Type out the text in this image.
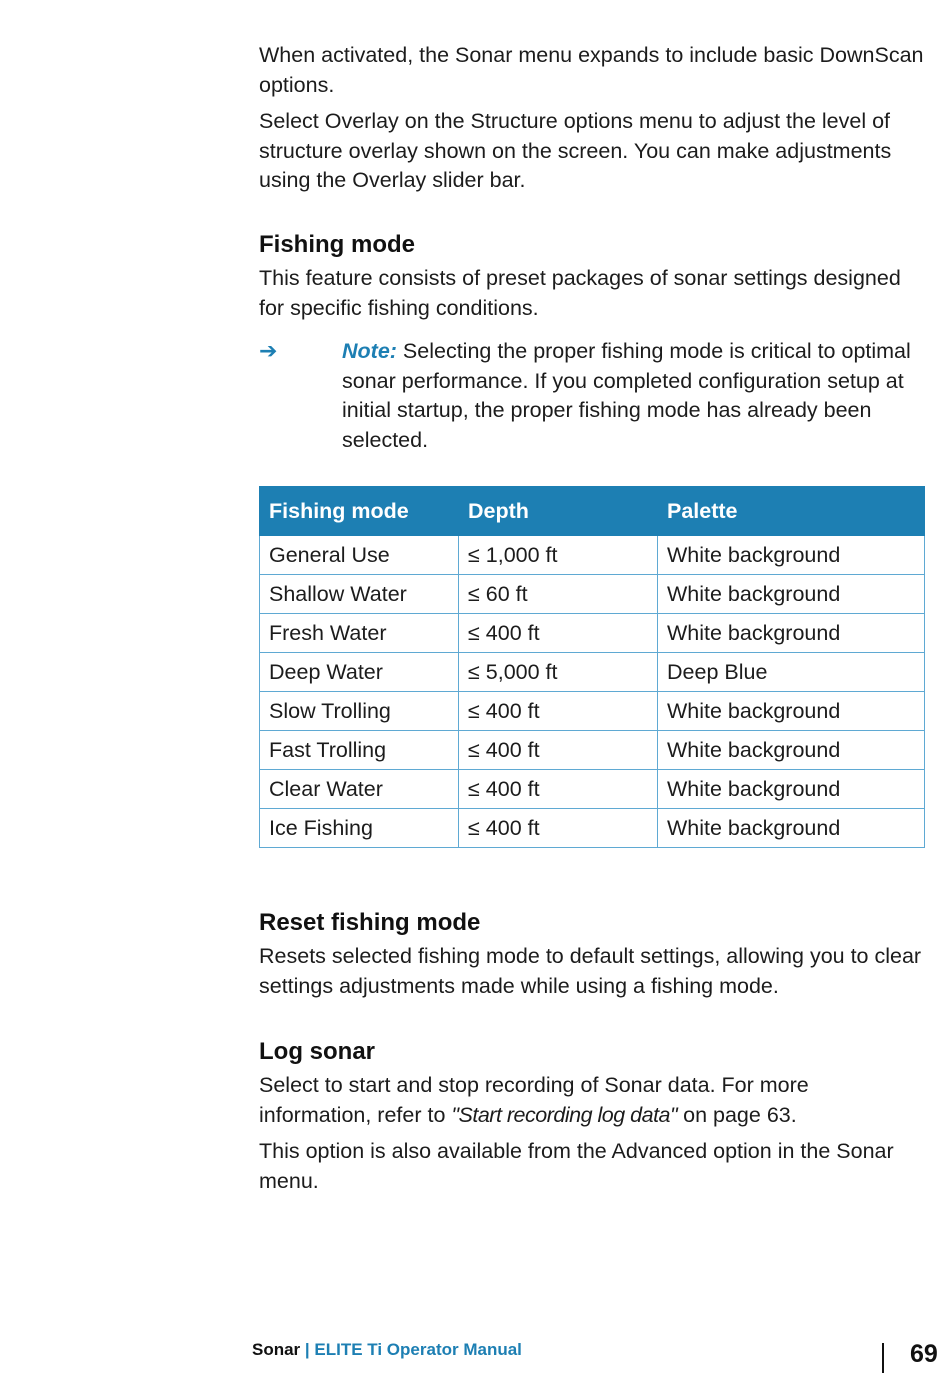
When activated, the Sonar menu expands to include basic DownScan options.

Select Overlay on the Structure options menu to adjust the level of structure overlay shown on the screen. You can make adjustments using the Overlay slider bar.

Fishing mode

This feature consists of preset packages of sonar settings designed for specific fishing conditions.

➔	Note: Selecting the proper fishing mode is critical to optimal sonar performance. If you completed configuration setup at initial startup, the proper fishing mode has already been selected.
Fishing mode	Depth	Palette
General Use	≤ 1,000 ft	White background
Shallow Water	≤ 60 ft	White background
Fresh Water	≤ 400 ft	White background
Deep Water	≤ 5,000 ft	Deep Blue
Slow Trolling	≤ 400 ft	White background
Fast Trolling	≤ 400 ft	White background
Clear Water	≤ 400 ft	White background
Ice Fishing	≤ 400 ft	White background
Reset fishing mode

Resets selected fishing mode to default settings, allowing you to clear settings adjustments made while using a fishing mode.

Log sonar

Select to start and stop recording of Sonar data. For more information, refer to "Start recording log data" on page 63.

This option is also available from the Advanced option in the Sonar menu.

Sonar | ELITE Ti Operator Manual	69
